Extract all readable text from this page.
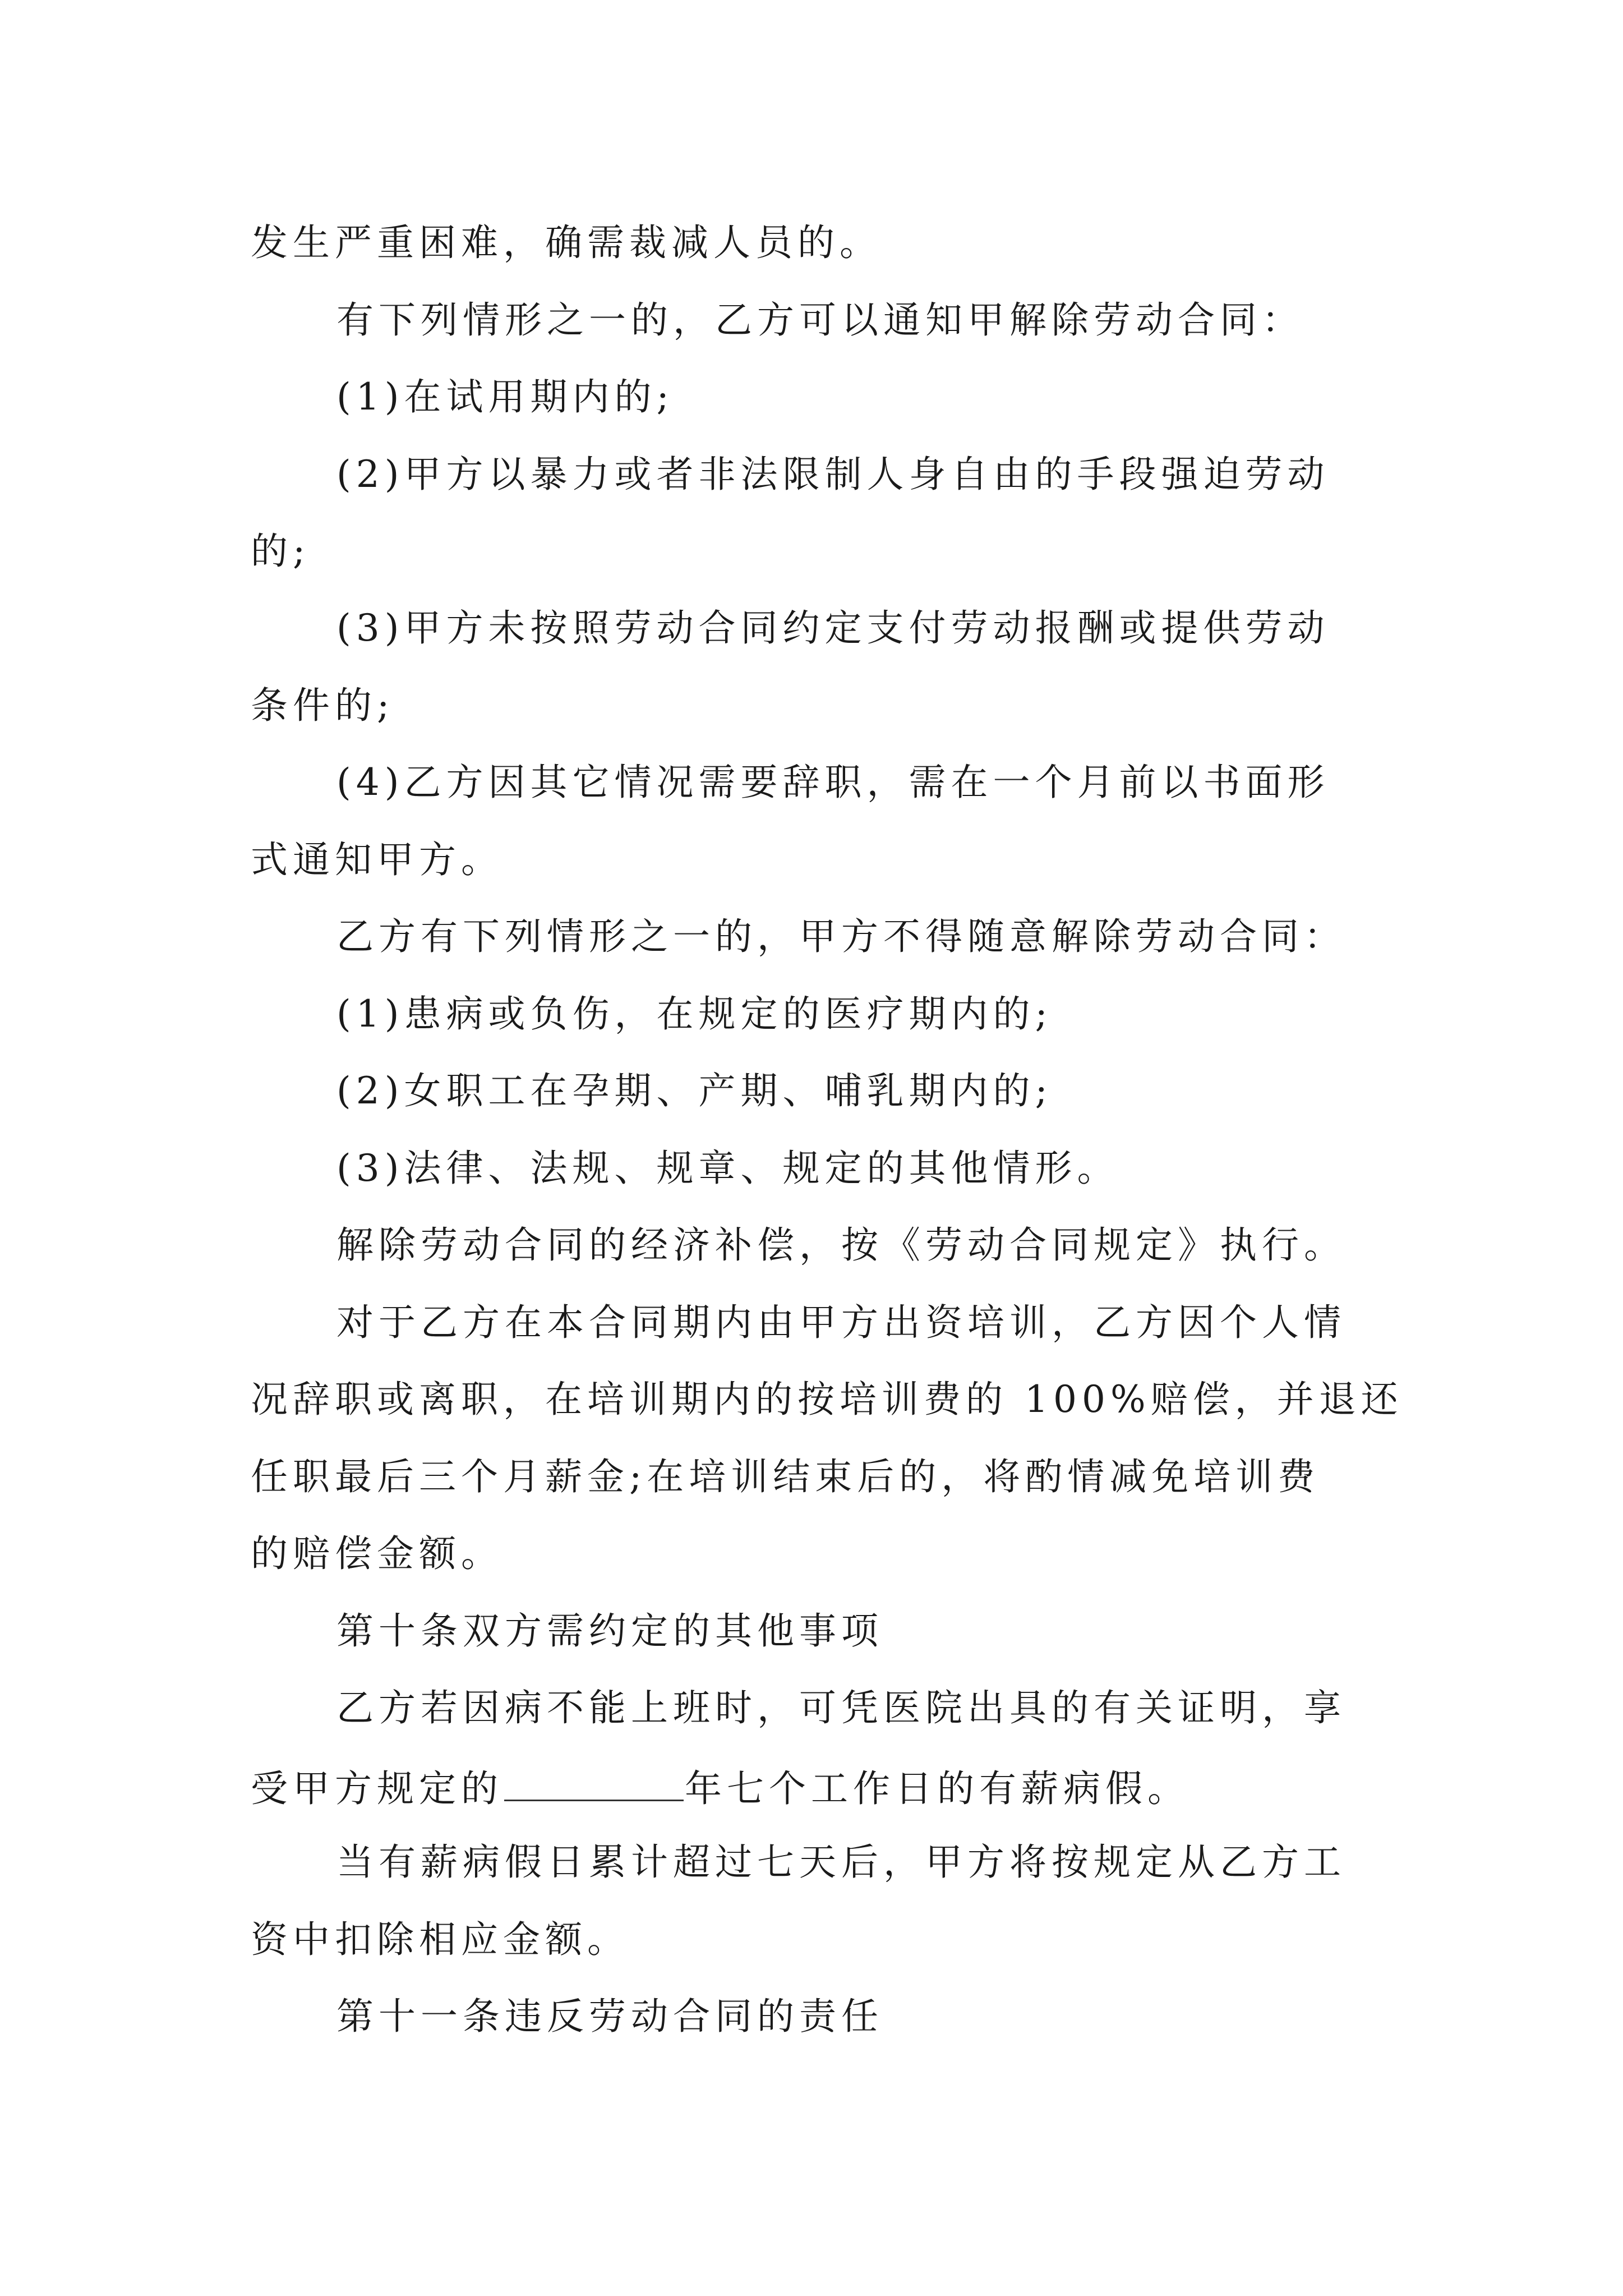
发生严重困难，确需裁减人员的。
有下列情形之一的，乙方可以通知甲解除劳动合同：
(1)在试用期内的;
(2)甲方以暴力或者非法限制人身自由的手段强迫劳动
的;
(3)甲方未按照劳动合同约定支付劳动报酬或提供劳动
条件的;
(4)乙方因其它情况需要辞职，需在一个月前以书面形
式通知甲方。
乙方有下列情形之一的，甲方不得随意解除劳动合同：
(1)患病或负伤，在规定的医疗期内的;
(2)女职工在孕期、产期、哺乳期内的;
(3)法律、法规、规章、规定的其他情形。
解除劳动合同的经济补偿，按《劳动合同规定》执行。
对于乙方在本合同期内由甲方出资培训，乙方因个人情
况辞职或离职，在培训期内的按培训费的 100%赔偿，并退还
任职最后三个月薪金;在培训结束后的，将酌情减免培训费
的赔偿金额。
第十条双方需约定的其他事项
乙方若因病不能上班时，可凭医院出具的有关证明，享
受甲方规定的	年七个工作日的有薪病假。
当有薪病假日累计超过七天后，甲方将按规定从乙方工
资中扣除相应金额。
第十一条违反劳动合同的责任
